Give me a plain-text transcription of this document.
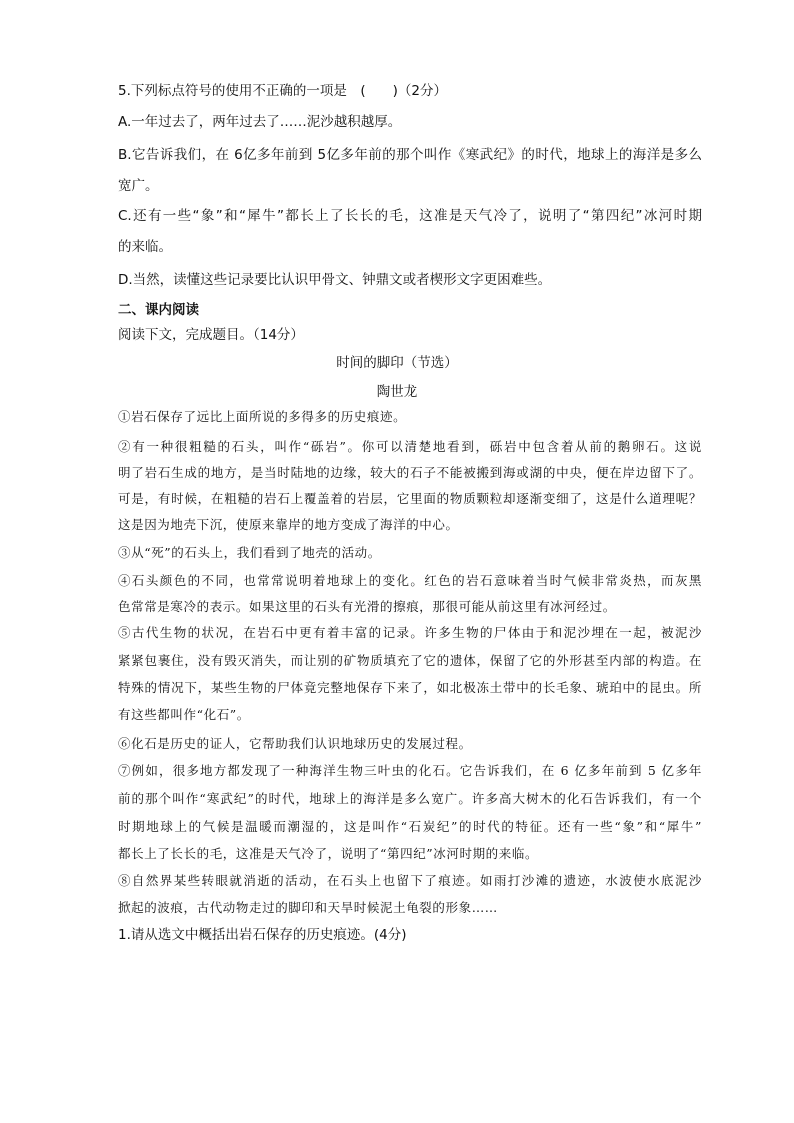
5.下列标点符号的使用不正确的一项是　(　　)（2分）
A.一年过去了，两年过去了……泥沙越积越厚。
B.它告诉我们，在 6亿多年前到 5亿多年前的那个叫作《寒武纪》的时代，地球上的海洋是多么
宽广。
C.还有一些“象”和“犀牛”都长上了长长的毛，这准是天气冷了，说明了“第四纪”冰河时期
的来临。
D.当然，读懂这些记录要比认识甲骨文、钟鼎文或者楔形文字更困难些。
二、课内阅读
阅读下文，完成题目。（14分）
时间的脚印（节选）
陶世龙
①岩石保存了远比上面所说的多得多的历史痕迹。
②有一种很粗糙的石头，叫作“砾岩”。你可以清楚地看到，砾岩中包含着从前的鹅卵石。这说
明了岩石生成的地方，是当时陆地的边缘，较大的石子不能被搬到海或湖的中央，便在岸边留下了。
可是，有时候，在粗糙的岩石上覆盖着的岩层，它里面的物质颗粒却逐渐变细了，这是什么道理呢？
这是因为地壳下沉，使原来靠岸的地方变成了海洋的中心。
③从“死”的石头上，我们看到了地壳的活动。
④石头颜色的不同，也常常说明着地球上的变化。红色的岩石意味着当时气候非常炎热，而灰黑
色常常是寒冷的表示。如果这里的石头有光滑的擦痕，那很可能从前这里有冰河经过。
⑤古代生物的状况，在岩石中更有着丰富的记录。许多生物的尸体由于和泥沙埋在一起，被泥沙
紧紧包裹住，没有毁灭消失，而让别的矿物质填充了它的遗体，保留了它的外形甚至内部的构造。在
特殊的情况下，某些生物的尸体竟完整地保存下来了，如北极冻土带中的长毛象、琥珀中的昆虫。所
有这些都叫作“化石”。
⑥化石是历史的证人，它帮助我们认识地球历史的发展过程。
⑦例如，很多地方都发现了一种海洋生物三叶虫的化石。它告诉我们，在 6 亿多年前到 5 亿多年
前的那个叫作“寒武纪”的时代，地球上的海洋是多么宽广。许多高大树木的化石告诉我们，有一个
时期地球上的气候是温暖而潮湿的，这是叫作“石炭纪”的时代的特征。还有一些“象”和“犀牛”
都长上了长长的毛，这准是天气冷了，说明了“第四纪”冰河时期的来临。
⑧自然界某些转眼就消逝的活动，在石头上也留下了痕迹。如雨打沙滩的遗迹，水波使水底泥沙
掀起的波痕，古代动物走过的脚印和天旱时候泥土龟裂的形象……
1.请从选文中概括出岩石保存的历史痕迹。(4分)
